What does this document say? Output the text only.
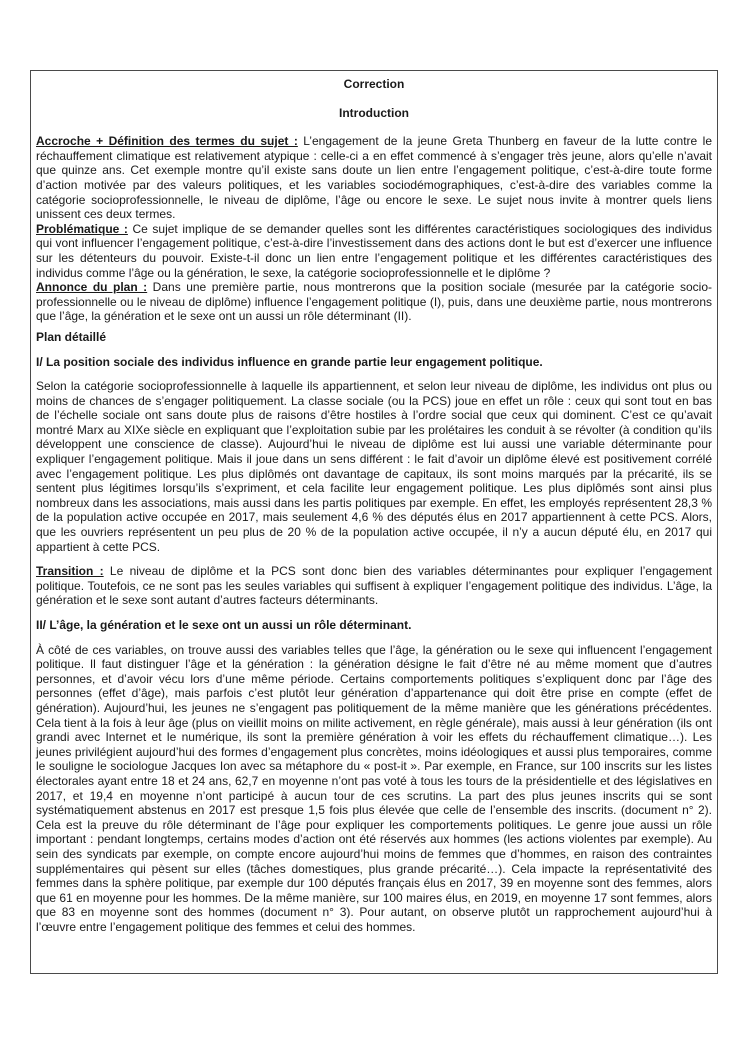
Correction

Introduction

Accroche + Définition des termes du sujet : L’engagement de la jeune Greta Thunberg en faveur de la lutte contre le réchauffement climatique est relativement atypique : celle-ci a en effet commencé à s’engager très jeune, alors qu’elle n’avait que quinze ans. Cet exemple montre qu’il existe sans doute un lien entre l’engagement politique, c’est-à-dire toute forme d’action motivée par des valeurs politiques, et les variables sociodémographiques, c’est-à-dire des variables comme la catégorie socioprofessionnelle, le niveau de diplôme, l’âge ou encore le sexe. Le sujet nous invite à montrer quels liens unissent ces deux termes.

Problématique : Ce sujet implique de se demander quelles sont les différentes caractéristiques sociologiques des individus qui vont influencer l’engagement politique, c’est-à-dire l’investissement dans des actions dont le but est d’exercer une influence sur les détenteurs du pouvoir. Existe-t-il donc un lien entre l’engagement politique et les différentes caractéristiques des individus comme l’âge ou la génération, le sexe, la catégorie socioprofessionnelle et le diplôme ?

Annonce du plan : Dans une première partie, nous montrerons que la position sociale (mesurée par la catégorie socio-professionnelle ou le niveau de diplôme) influence l’engagement politique (I), puis, dans une deuxième partie, nous montrerons que l’âge, la génération et le sexe ont un aussi un rôle déterminant (II).

Plan détaillé
I/ La position sociale des individus influence en grande partie leur engagement politique.

Selon la catégorie socioprofessionnelle à laquelle ils appartiennent, et selon leur niveau de diplôme, les individus ont plus ou moins de chances de s’engager politiquement. La classe sociale (ou la PCS) joue en effet un rôle : ceux qui sont tout en bas de l’échelle sociale ont sans doute plus de raisons d’être hostiles à l’ordre social que ceux qui dominent. C’est ce qu’avait montré Marx au XIXe siècle en expliquant que l’exploitation subie par les prolétaires les conduit à se révolter (à condition qu’ils développent une conscience de classe). Aujourd’hui le niveau de diplôme est lui aussi une variable déterminante pour expliquer l’engagement politique. Mais il joue dans un sens différent : le fait d’avoir un diplôme élevé est positivement corrélé avec l’engagement politique. Les plus diplômés ont davantage de capitaux, ils sont moins marqués par la précarité, ils se sentent plus légitimes lorsqu’ils s’expriment, et cela facilite leur engagement politique. Les plus diplômés sont ainsi plus nombreux dans les associations, mais aussi dans les partis politiques par exemple. En effet, les employés représentent 28,3 % de la population active occupée en 2017, mais seulement 4,6 % des députés élus en 2017 appartiennent à cette PCS. Alors, que les ouvriers représentent un peu plus de 20 % de la population active occupée, il n’y a aucun député élu, en 2017 qui appartient à cette PCS.

Transition : Le niveau de diplôme et la PCS sont donc bien des variables déterminantes pour expliquer l’engagement politique. Toutefois, ce ne sont pas les seules variables qui suffisent à expliquer l’engagement politique des individus. L’âge, la génération et le sexe sont autant d’autres facteurs déterminants.

II/ L’âge, la génération et le sexe ont un aussi un rôle déterminant.

À côté de ces variables, on trouve aussi des variables telles que l’âge, la génération ou le sexe qui influencent l’engagement politique. Il faut distinguer l’âge et la génération : la génération désigne le fait d’être né au même moment que d’autres personnes, et d’avoir vécu lors d’une même période. Certains comportements politiques s’expliquent donc par l’âge des personnes (effet d’âge), mais parfois c’est plutôt leur génération d’appartenance qui doit être prise en compte (effet de génération). Aujourd’hui, les jeunes ne s’engagent pas politiquement de la même manière que les générations précédentes. Cela tient à la fois à leur âge (plus on vieillit moins on milite activement, en règle générale), mais aussi à leur génération (ils ont grandi avec Internet et le numérique, ils sont la première génération à voir les effets du réchauffement climatique…). Les jeunes privilégient aujourd’hui des formes d’engagement plus concrètes, moins idéologiques et aussi plus temporaires, comme le souligne le sociologue Jacques Ion avec sa métaphore du « post-it ». Par exemple, en France, sur 100 inscrits sur les listes électorales ayant entre 18 et 24 ans, 62,7 en moyenne n’ont pas voté à tous les tours de la présidentielle et des législatives en 2017, et 19,4 en moyenne n’ont participé à aucun tour de ces scrutins. La part des plus jeunes inscrits qui se sont systématiquement abstenus en 2017 est presque 1,5 fois plus élevée que celle de l’ensemble des inscrits. (document n° 2). Cela est la preuve du rôle déterminant de l’âge pour expliquer les comportements politiques. Le genre joue aussi un rôle important : pendant longtemps, certains modes d’action ont été réservés aux hommes (les actions violentes par exemple). Au sein des syndicats par exemple, on compte encore aujourd’hui moins de femmes que d’hommes, en raison des contraintes supplémentaires qui pèsent sur elles (tâches domestiques, plus grande précarité…). Cela impacte la représentativité des femmes dans la sphère politique, par exemple dur 100 députés français élus en 2017, 39 en moyenne sont des femmes, alors que 61 en moyenne pour les hommes. De la même manière, sur 100 maires élus, en 2019, en moyenne 17 sont femmes, alors que 83 en moyenne sont des hommes (document n° 3). Pour autant, on observe plutôt un rapprochement aujourd’hui à l’œuvre entre l’engagement politique des femmes et celui des hommes.
